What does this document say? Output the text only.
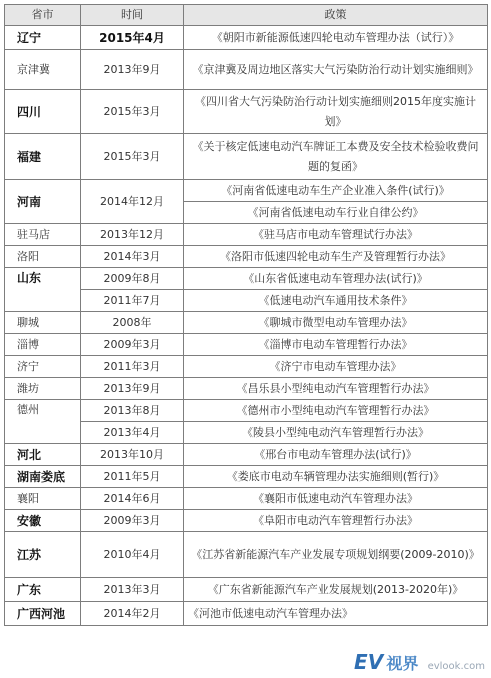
省市	时间	政策
辽宁	2015年4月	《朝阳市新能源低速四轮电动车管理办法（试行）》
京津冀	2013年9月	《京津冀及周边地区落实大气污染防治行动计划实施细则》
四川	2015年3月	《四川省大气污染防治行动计划实施细则2015年度实施计划》
福建	2015年3月	《关于核定低速电动汽车牌证工本费及安全技术检验收费问题的复函》
河南	2014年12月	《河南省低速电动车生产企业准入条件(试行)》
		《河南省低速电动车行业自律公约》
驻马店	2013年12月	《驻马店市电动车管理试行办法》
洛阳	2014年3月	《洛阳市低速四轮电动车生产及管理暂行办法》
山东	2009年8月	《山东省低速电动车管理办法(试行)》
	2011年7月	《低速电动汽车通用技术条件》
聊城	2008年	《聊城市微型电动车管理办法》
淄博	2009年3月	《淄博市电动车管理暂行办法》
济宁	2011年3月	《济宁市电动车管理办法》
潍坊	2013年9月	《昌乐县小型纯电动汽车管理暂行办法》
德州	2013年8月	《德州市小型纯电动汽车管理暂行办法》
	2013年4月	《陵县小型纯电动汽车管理暂行办法》
河北	2013年10月	《邢台市电动车管理办法(试行)》
湖南娄底	2011年5月	《娄底市电动车辆管理办法实施细则(暂行)》
襄阳	2014年6月	《襄阳市低速电动汽车管理办法》
安徽	2009年3月	《阜阳市电动汽车管理暂行办法》
江苏	2010年4月	《江苏省新能源汽车产业发展专项规划纲要(2009-2010)》
广东	2013年3月	《广东省新能源汽车产业发展规划(2013-2020年)》
广西河池	2014年2月	《河池市低速电动汽车管理办法》
EV 视界 evlook.com
